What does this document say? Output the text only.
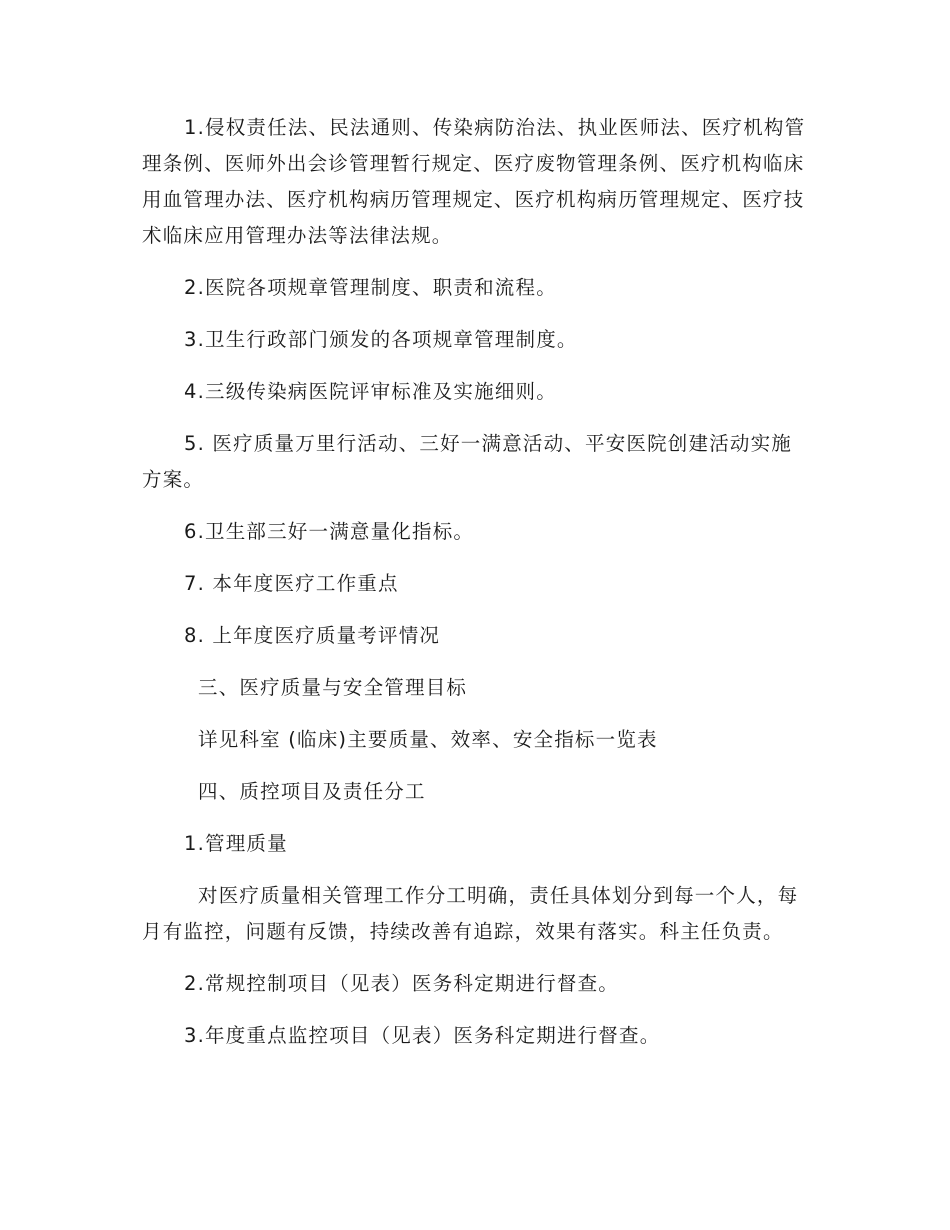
1.侵权责任法、民法通则、传染病防治法、执业医师法、医疗机构管理条例、医师外出会诊管理暂行规定、医疗废物管理条例、医疗机构临床用血管理办法、医疗机构病历管理规定、医疗机构病历管理规定、医疗技术临床应用管理办法等法律法规。

2.医院各项规章管理制度、职责和流程。

3.卫生行政部门颁发的各项规章管理制度。

4.三级传染病医院评审标准及实施细则。

5. 医疗质量万里行活动、三好一满意活动、平安医院创建活动实施方案。

6.卫生部三好一满意量化指标。

7. 本年度医疗工作重点

8. 上年度医疗质量考评情况

三、医疗质量与安全管理目标

详见科室 (临床)主要质量、效率、安全指标一览表

四、质控项目及责任分工

1.管理质量

对医疗质量相关管理工作分工明确，责任具体划分到每一个人，每月有监控，问题有反馈，持续改善有追踪，效果有落实。科主任负责。

2.常规控制项目（见表）医务科定期进行督查。

3.年度重点监控项目（见表）医务科定期进行督查。
